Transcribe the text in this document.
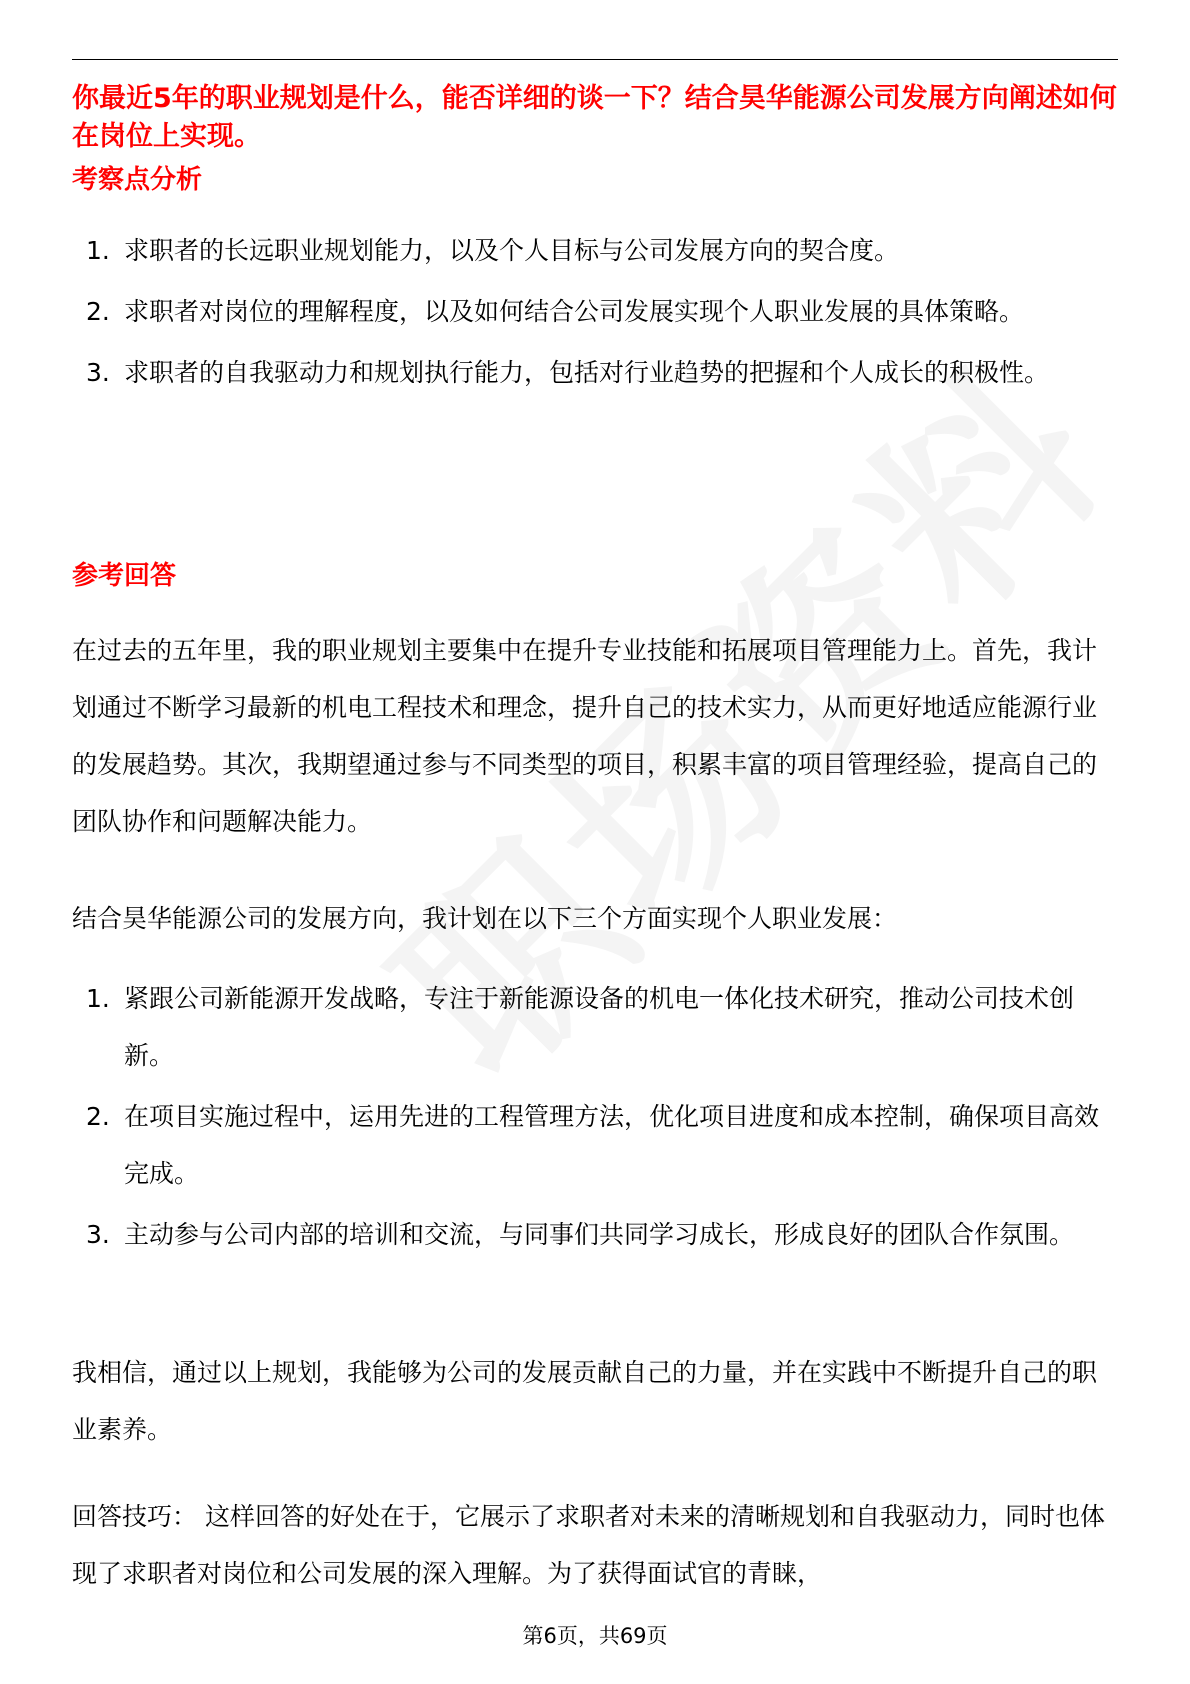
你最近5年的职业规划是什么，能否详细的谈一下？结合昊华能源公司发展方向阐述如何在岗位上实现。
考察点分析
1. 求职者的长远职业规划能力，以及个人目标与公司发展方向的契合度。
2. 求职者对岗位的理解程度，以及如何结合公司发展实现个人职业发展的具体策略。
3. 求职者的自我驱动力和规划执行能力，包括对行业趋势的把握和个人成长的积极性。
参考回答

在过去的五年里，我的职业规划主要集中在提升专业技能和拓展项目管理能力上。首先，我计划通过不断学习最新的机电工程技术和理念，提升自己的技术实力，从而更好地适应能源行业的发展趋势。其次，我期望通过参与不同类型的项目，积累丰富的项目管理经验，提高自己的团队协作和问题解决能力。

结合昊华能源公司的发展方向，我计划在以下三个方面实现个人职业发展：

1. 紧跟公司新能源开发战略，专注于新能源设备的机电一体化技术研究，推动公司技术创新。
2. 在项目实施过程中，运用先进的工程管理方法，优化项目进度和成本控制，确保项目高效完成。
3. 主动参与公司内部的培训和交流，与同事们共同学习成长，形成良好的团队合作氛围。

我相信，通过以上规划，我能够为公司的发展贡献自己的力量，并在实践中不断提升自己的职业素养。

回答技巧： 这样回答的好处在于，它展示了求职者对未来的清晰规划和自我驱动力，同时也体现了求职者对岗位和公司发展的深入理解。为了获得面试官的青睐，

第6页，共69页
